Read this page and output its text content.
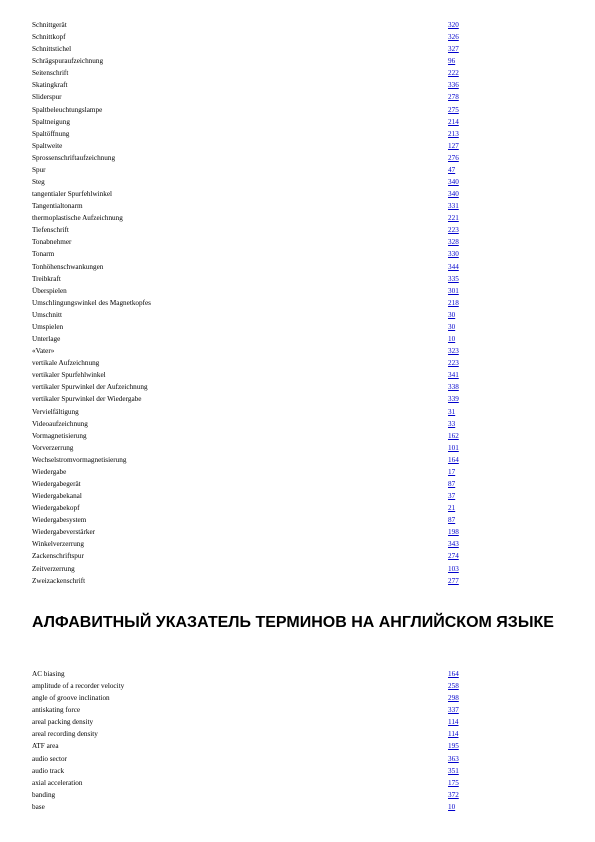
Schnittgerät	320
Schnittkopf	326
Schnittstichel	327
Schrägspuraufzeichnung	96
Seitenschrift	222
Skatingkraft	336
Sliderspur	278
Spaltbeleuchtungslampe	275
Spaltneigung	214
Spaltöffnung	213
Spaltweite	127
Sprossenschriftaufzeichnung	276
Spur	47
Steg	340
tangentialer Spurfehlwinkel	340
Tangentialtonarm	331
thermoplastische Aufzeichnung	221
Tiefenschrift	223
Tonabnehmer	328
Tonarm	330
Tonhöhenschwankungen	344
Treibkraft	335
Überspielen	301
Umschlingungswinkel des Magnetkopfes	218
Umschnitt	30
Umspielen	30
Unterlage	10
«Vater»	323
vertikale Aufzeichnung	223
vertikaler Spurfehlwinkel	341
vertikaler Spurwinkel der Aufzeichnung	338
vertikaler Spurwinkel der Wiedergabe	339
Vervielfältigung	31
Videoaufzeichnung	33
Vormagnetisierung	162
Vorverzerrung	101
Wechselstromvormagnetisierung	164
Wiedergabe	17
Wiedergabegerät	87
Wiedergabekanal	37
Wiedergabekopf	21
Wiedergabesystem	87
Wiedergabeverstärker	198
Winkelverzerrung	343
Zackenschriftspur	274
Zeitverzerrung	103
Zweizackenschrift	277
АЛФАВИТНЫЙ УКАЗАТЕЛЬ ТЕРМИНОВ НА АНГЛИЙСКОМ ЯЗЫКЕ
AC biasing	164
amplitude of a recorder velocity	258
angle of groove inclination	298
antiskating force	337
areal packing density	114
areal recording density	114
ATF area	195
audio sector	363
audio track	351
axial acceleration	175
banding	372
base	10
